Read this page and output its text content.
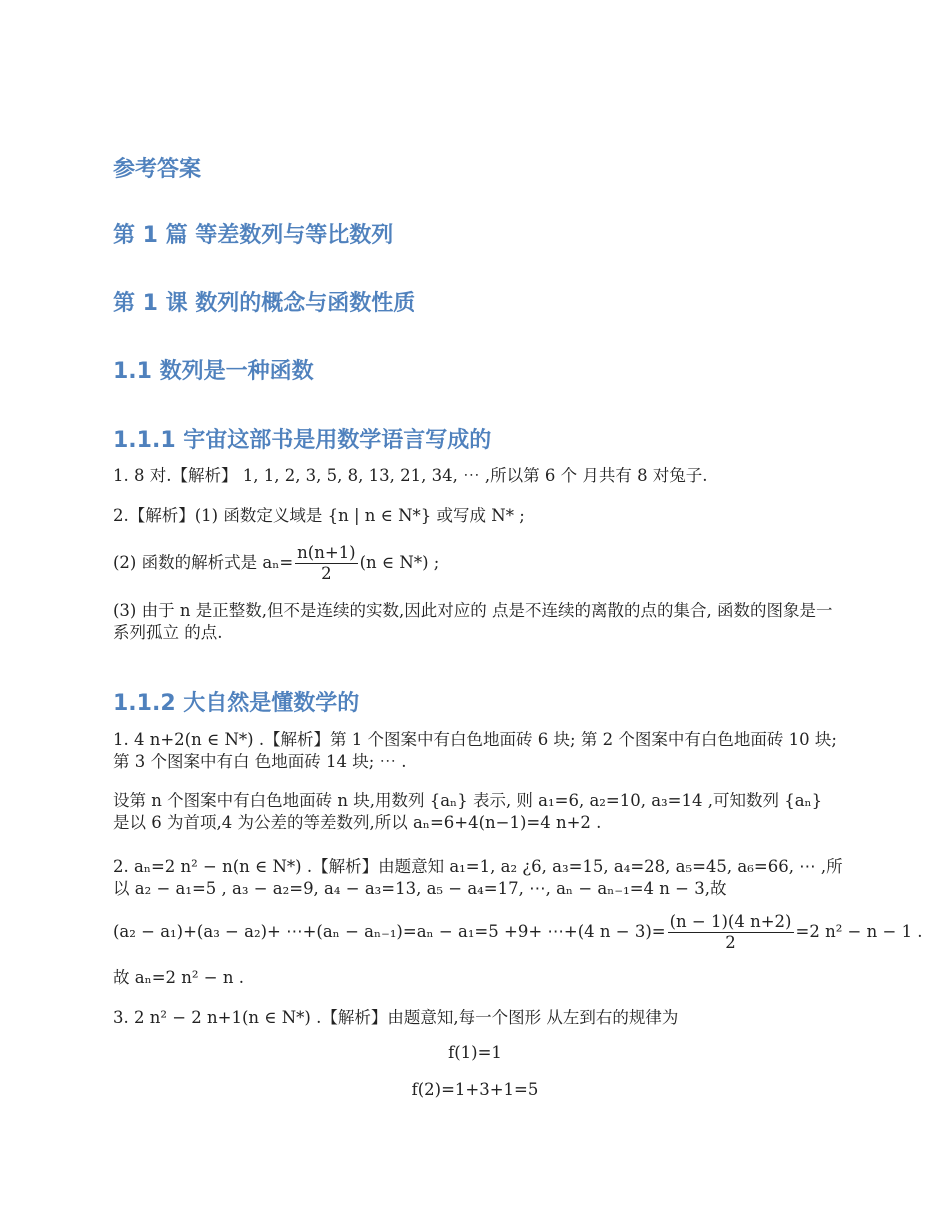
参考答案
第 1 篇 等差数列与等比数列
第 1 课 数列的概念与函数性质
1.1 数列是一种函数
1.1.1 宇宙这部书是用数学语言写成的

1. 8 对.【解析】 1, 1, 2, 3, 5, 8, 13, 21, 34, ⋯ ,所以第 6 个 月共有 8 对兔子.

2.【解析】(1) 函数定义域是 {n | n ∈ N*} 或写成 N* ;

(2) 函数的解析式是 $a_n= \frac{n(n+1)}{2} (n$ ∈ N*) ;

(3) 由于 n 是正整数,但不是连续的实数,因此对应的 点是不连续的离散的点的集合, 函数的图象是一系列孤立 的点.

1.1.2 大自然是懂数学的

1. 4 n+2(n ∈ N*) .【解析】第 1 个图案中有白色地面砖 6 块; 第 2 个图案中有白色地面砖 10 块; 第 3 个图案中有白 色地面砖 14 块; ⋯ .

设第 n 个图案中有白色地面砖 n 块,用数列 {aₙ} 表示, 则 a₁=6, a₂=10, a₃=14 ,可知数列 {aₙ} 是以 6 为首项,4 为公差的等差数列,所以 aₙ=6+4(n−1)=4 n+2 .

2. aₙ=2 n² − n(n ∈ N*) .【解析】由题意知 a₁=1, a₂ ¿6, a₃=15, a₄=28, a₅=45, a₆=66, ⋯ ,所以 a₂ − a₁=5 , a₃ − a₂=9, a₄ − a₃=13, a₅ − a₄=17, ⋯, aₙ − aₙ₋₁=4 n − 3,故

(a₂ − a₁)+(a₃ − a₂)+ ⋯+(aₙ − aₙ₋₁)=aₙ − a₁=5 +9+ ⋯+(4 $n - 3)= \frac{(n - 1)(4 n+2)}{2} =2$ n² − n − 1 .

故 aₙ=2 n² − n .

3. 2 n² − 2 n+1(n ∈ N*) .【解析】由题意知,每一个图形 从左到右的规律为

f(1)=1

f(2)=1+3+1=5
